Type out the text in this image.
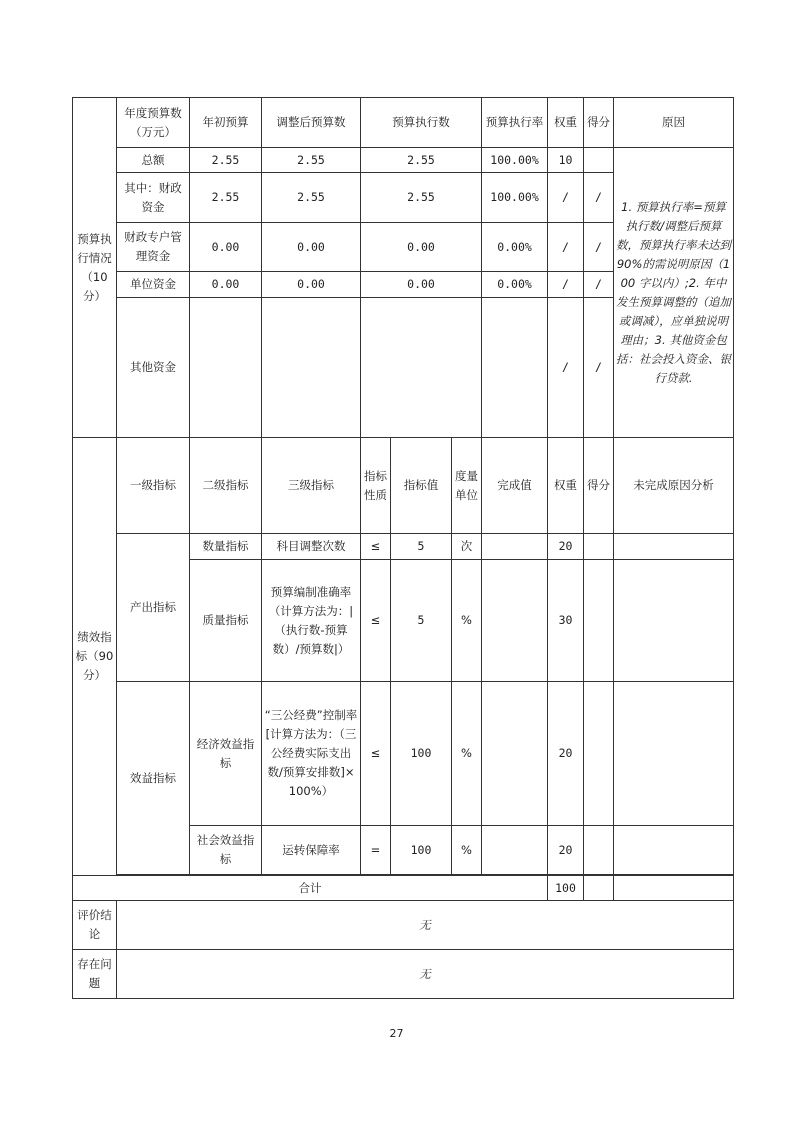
预算执行情况（10分）	年度预算数（万元）	年初预算	调整后预算数	预算执行数			预算执行率	权重	得分	原因
	总额	2.55	2.55	2.55			100.00%	10		1. 预算执行率=预算执行数/调整后预算数，预算执行率未达到 90%的需说明原因（100 字以内）;2. 年中发生预算调整的（追加或调减），应单独说明理由；3. 其他资金包括：社会投入资金、银行贷款.
	其中：财政资金	2.55	2.55	2.55			100.00%	/	/	
	财政专户管理资金	0.00	0.00	0.00			0.00%	/	/	
	单位资金	0.00	0.00	0.00			0.00%	/	/	
	其他资金							/	/	
绩效指标（90分）	一级指标	二级指标	三级指标	指标性质	指标值	度量单位	完成值	权重	得分	未完成原因分析
	产出指标	数量指标	科目调整次数	≤	5	次		20		
		质量指标	预算编制准确率（计算方法为：|（执行数-预算数）/预算数|）	≤	5	%		30		
	效益指标	经济效益指标	“三公经费”控制率[计算方法为：（三公经费实际支出数/预算安排数]×100%）	≤	100	%		20		
		社会效益指标	运转保障率	=	100	%		20		

合计								100		
评价结论	无									
存在问题	无									
27
